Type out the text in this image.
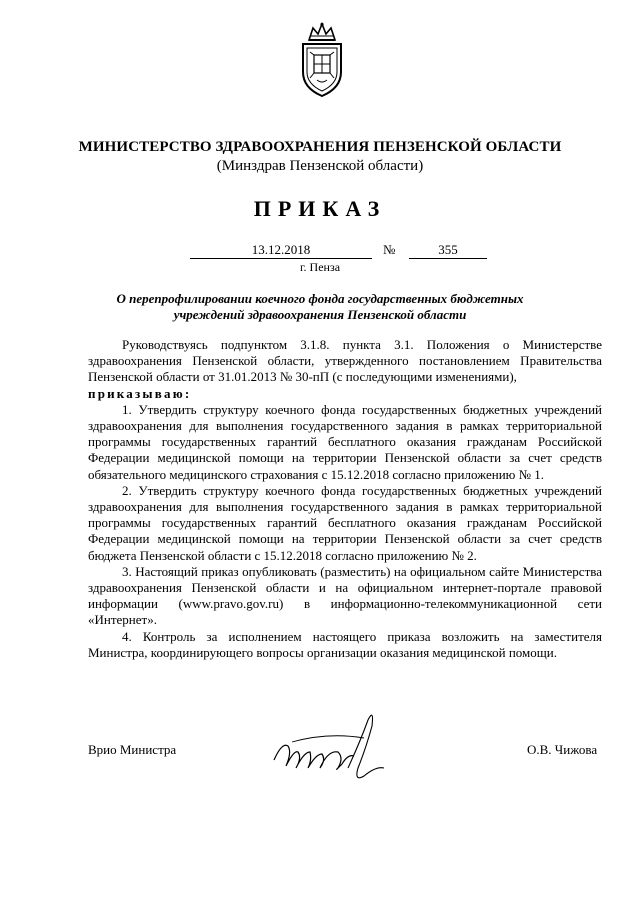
МИНИСТЕРСТВО ЗДРАВООХРАНЕНИЯ ПЕНЗЕНСКОЙ ОБЛАСТИ
(Минздрав Пензенской области)
ПРИКАЗ
13.12.2018	№	355
г. Пенза
О перепрофилировании коечного фонда государственных бюджетных учреждений здравоохранения Пензенской области

Руководствуясь подпунктом 3.1.8. пункта 3.1. Положения о Министерстве здравоохранения Пензенской области, утвержденного постановлением Правительства Пензенской области от 31.01.2013 № 30-пП (с последующими изменениями),

приказываю:

1. Утвердить структуру коечного фонда государственных бюджетных учреждений здравоохранения для выполнения государственного задания в рамках территориальной программы государственных гарантий бесплатного оказания гражданам Российской Федерации медицинской помощи на территории Пензенской области за счет средств обязательного медицинского страхования с 15.12.2018 согласно приложению № 1.

2. Утвердить структуру коечного фонда государственных бюджетных учреждений здравоохранения для выполнения государственного задания в рамках территориальной программы государственных гарантий бесплатного оказания гражданам Российской Федерации медицинской помощи на территории Пензенской области за счет средств бюджета Пензенской области с 15.12.2018 согласно приложению № 2.

3. Настоящий приказ опубликовать (разместить) на официальном сайте Министерства здравоохранения Пензенской области и на официальном интернет-портале правовой информации (www.pravo.gov.ru) в информационно-телекоммуникационной сети «Интернет».

4. Контроль за исполнением настоящего приказа возложить на заместителя Министра, координирующего вопросы организации оказания медицинской помощи.

Врио Министра	О.В. Чижова
